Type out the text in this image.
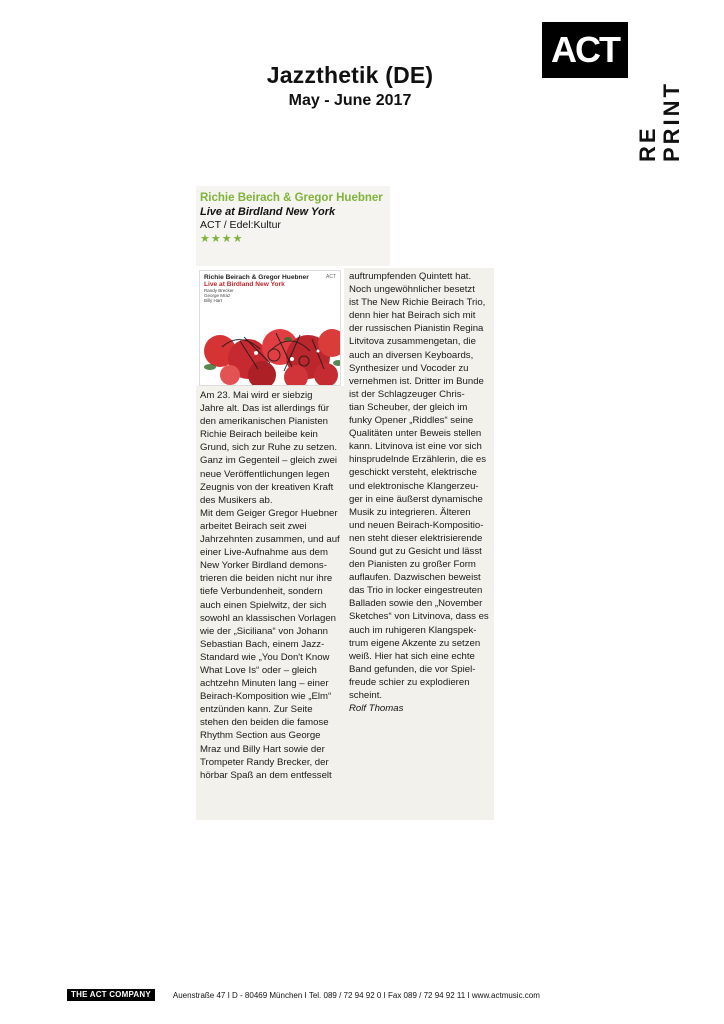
Jazzthetik (DE)
May - June 2017
ACT
RE PRINT
Richie Beirach & Gregor Huebner
Live at Birdland New York
ACT / Edel:Kultur
★★★★
Richie Beirach & Gregor Huebner
Live at Birdland New York
Randy Brecker
George Mraz
Billy Hart
ACT
Am 23. Mai wird er siebzig
Jahre alt. Das ist allerdings für
den amerikanischen Pianisten
Richie Beirach beileibe kein
Grund, sich zur Ruhe zu setzen.
Ganz im Gegenteil – gleich zwei
neue Veröffentlichungen legen
Zeugnis von der kreativen Kraft
des Musikers ab.
Mit dem Geiger Gregor Huebner
arbeitet Beirach seit zwei
Jahrzehnten zusammen, und auf
einer Live-Aufnahme aus dem
New Yorker Birdland demons-
trieren die beiden nicht nur ihre
tiefe Verbundenheit, sondern
auch einen Spielwitz, der sich
sowohl an klassischen Vorlagen
wie der „Siciliana“ von Johann
Sebastian Bach, einem Jazz-
Standard wie „You Don't Know
What Love Is“ oder – gleich
achtzehn Minuten lang – einer
Beirach-Komposition wie „Elm“
entzünden kann. Zur Seite
stehen den beiden die famose
Rhythm Section aus George
Mraz und Billy Hart sowie der
Trompeter Randy Brecker, der
hörbar Spaß an dem entfesselt
auftrumpfenden Quintett hat.
Noch ungewöhnlicher besetzt
ist The New Richie Beirach Trio,
denn hier hat Beirach sich mit
der russischen Pianistin Regina
Litvitova zusammengetan, die
auch an diversen Keyboards,
Synthesizer und Vocoder zu
vernehmen ist. Dritter im Bunde
ist der Schlagzeuger Chris-
tian Scheuber, der gleich im
funky Opener „Riddles“ seine
Qualitäten unter Beweis stellen
kann. Litvinova ist eine vor sich
hinsprudelnde Erzählerin, die es
geschickt versteht, elektrische
und elektronische Klangerzeu-
ger in eine äußerst dynamische
Musik zu integrieren. Älteren
und neuen Beirach-Kompositio-
nen steht dieser elektrisierende
Sound gut zu Gesicht und lässt
den Pianisten zu großer Form
auflaufen. Dazwischen beweist
das Trio in locker eingestreuten
Balladen sowie den „November
Sketches“ von Litvinova, dass es
auch im ruhigeren Klangspek-
trum eigene Akzente zu setzen
weiß. Hier hat sich eine echte
Band gefunden, die vor Spiel-
freude schier zu explodieren
scheint.
Rolf Thomas
THE ACT COMPANY	Auenstraße 47 I D - 80469 München I Tel. 089 / 72 94 92 0 I Fax 089 / 72 94 92 11 I www.actmusic.com
